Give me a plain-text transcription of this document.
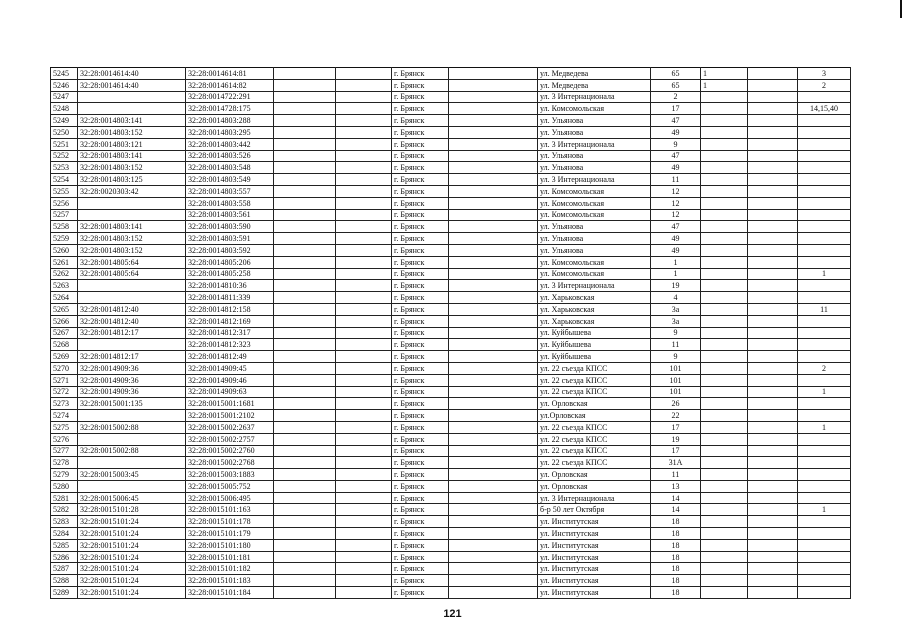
5245	32:28:0014614:40	32:28:0014614:81			г. Брянск		ул. Медведева	65	1		3
5246	32:28:0014614:40	32:28:0014614:82			г. Брянск		ул. Медведева	65	1		2
5247		32:28:0014722:291			г. Брянск		ул. 3 Интернационала	2			
5248		32:28:0014728:175			г. Брянск		ул. Комсомольская	17			14,15,40
5249	32:28:0014803:141	32:28:0014803:288			г. Брянск		ул. Ульянова	47			
5250	32:28:0014803:152	32:28:0014803:295			г. Брянск		ул. Ульянова	49			
5251	32:28:0014803:121	32:28:0014803:442			г. Брянск		ул. 3 Интернационала	9			
5252	32:28:0014803:141	32:28:0014803:526			г. Брянск		ул. Ульянова	47			
5253	32:28:0014803:152	32:28:0014803:548			г. Брянск		ул. Ульянова	49			
5254	32:28:0014803:125	32:28:0014803:549			г. Брянск		ул. 3 Интернационала	11			
5255	32:28:0020303:42	32:28:0014803:557			г. Брянск		ул. Комсомольская	12			
5256		32:28:0014803:558			г. Брянск		ул. Комсомольская	12			
5257		32:28:0014803:561			г. Брянск		ул. Комсомольская	12			
5258	32:28:0014803:141	32:28:0014803:590			г. Брянск		ул. Ульянова	47			
5259	32:28:0014803:152	32:28:0014803:591			г. Брянск		ул. Ульянова	49			
5260	32:28:0014803:152	32:28:0014803:592			г. Брянск		ул. Ульянова	49			
5261	32:28:0014805:64	32:28:0014805:206			г. Брянск		ул. Комсомольская	1			
5262	32:28:0014805:64	32:28:0014805:258			г. Брянск		ул. Комсомольская	1			1
5263		32:28:0014810:36			г. Брянск		ул. 3 Интернационала	19			
5264		32:28:0014811:339			г. Брянск		ул. Харьковская	4			
5265	32:28:0014812:40	32:28:0014812:158			г. Брянск		ул. Харьковская	3а			11
5266	32:28:0014812:40	32:28:0014812:169			г. Брянск		ул. Харьковская	3а			
5267	32:28:0014812:17	32:28:0014812:317			г. Брянск		ул. Куйбышева	9			
5268		32:28:0014812:323			г. Брянск		ул. Куйбышева	11			
5269	32:28:0014812:17	32:28:0014812:49			г. Брянск		ул. Куйбышева	9			
5270	32:28:0014909:36	32:28:0014909:45			г. Брянск		ул. 22 съезда КПСС	101			2
5271	32:28:0014909:36	32:28:0014909:46			г. Брянск		ул. 22 съезда КПСС	101			
5272	32:28:0014909:36	32:28:0014909:63			г. Брянск		ул. 22 съезда КПСС	101			1
5273	32:28:0015001:135	32:28:0015001:1681			г. Брянск		ул. Орловская	26			
5274		32:28:0015001:2102			г. Брянск		ул.Орловская	22			
5275	32:28:0015002:88	32:28:0015002:2637			г. Брянск		ул. 22 съезда КПСС	17			1
5276		32:28:0015002:2757			г. Брянск		ул. 22 съезда КПСС	19			
5277	32:28:0015002:88	32:28:0015002:2760			г. Брянск		ул. 22 съезда КПСС	17			
5278		32:28:0015002:2768			г. Брянск		ул. 22 съезда КПСС	31А			
5279	32:28:0015003:45	32:28:0015003:1883			г. Брянск		ул. Орловская	11			
5280		32:28:0015005:752			г. Брянск		ул. Орловская	13			
5281	32:28:0015006:45	32:28:0015006:495			г. Брянск		ул. 3 Интернационала	14			
5282	32:28:0015101:28	32:28:0015101:163			г. Брянск		б-р 50 лет Октября	14			1
5283	32:28:0015101:24	32:28:0015101:178			г. Брянск		ул. Институтская	18			
5284	32:28:0015101:24	32:28:0015101:179			г. Брянск		ул. Институтская	18			
5285	32:28:0015101:24	32:28:0015101:180			г. Брянск		ул. Институтская	18			
5286	32:28:0015101:24	32:28:0015101:181			г. Брянск		ул. Институтская	18			
5287	32:28:0015101:24	32:28:0015101:182			г. Брянск		ул. Институтская	18			
5288	32:28:0015101:24	32:28:0015101:183			г. Брянск		ул. Институтская	18			
5289	32:28:0015101:24	32:28:0015101:184			г. Брянск		ул. Институтская	18			
121
